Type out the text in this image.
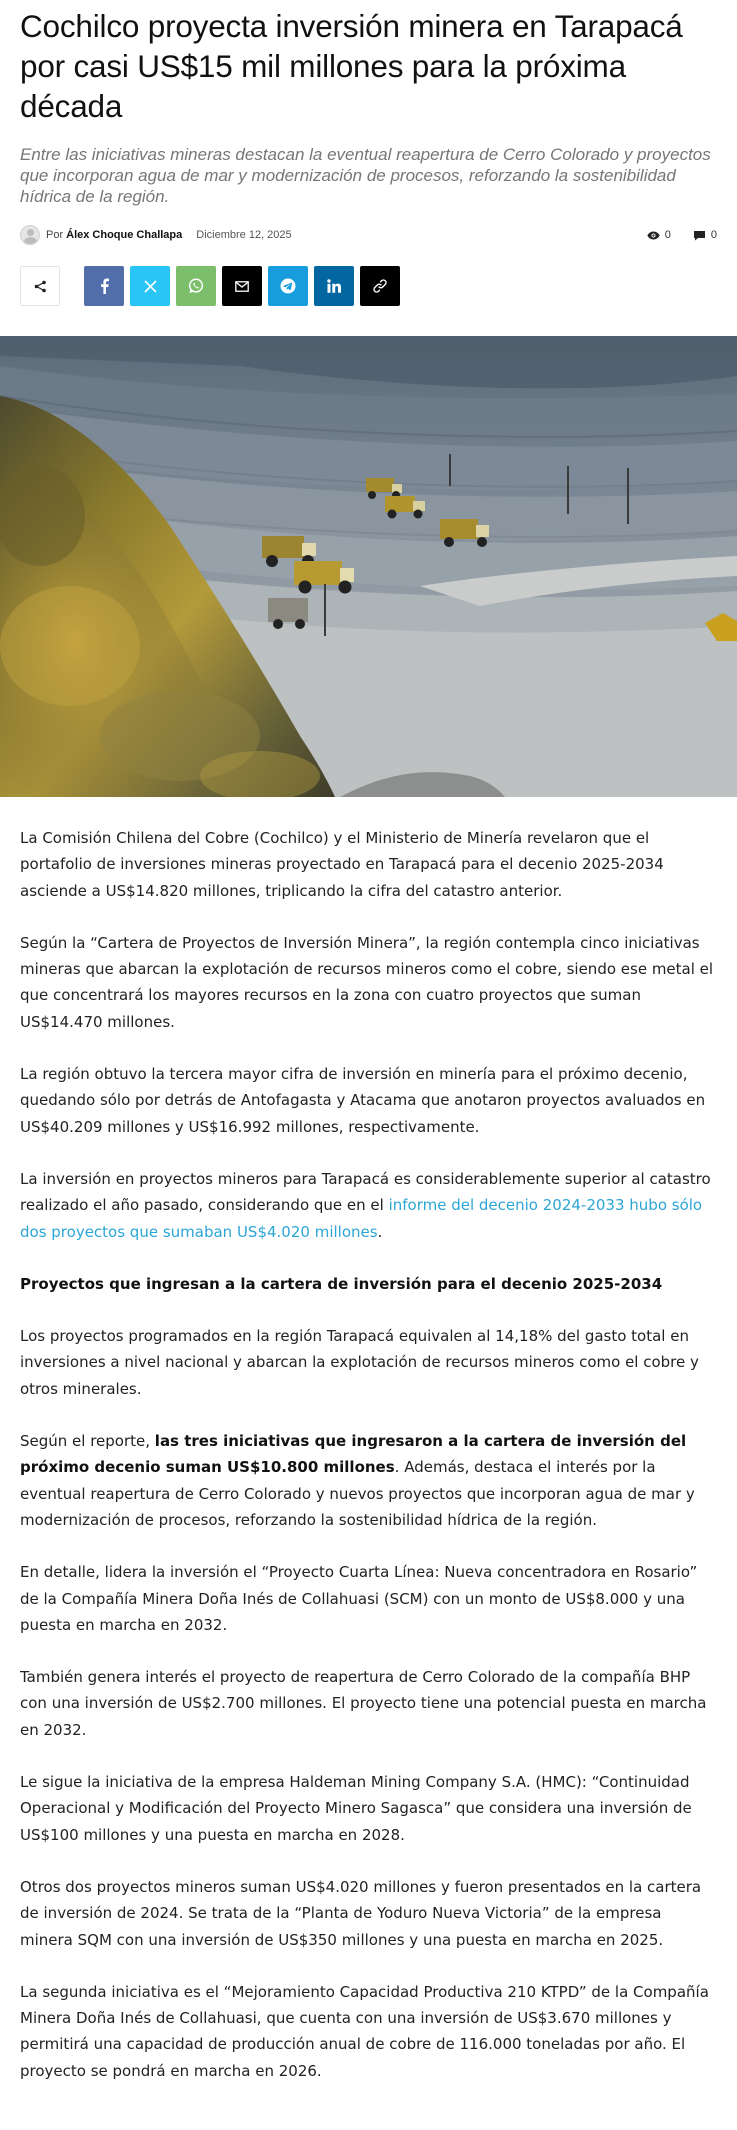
Cochilco proyecta inversión minera en Tarapacá por casi US$15 mil millones para la próxima década

Entre las iniciativas mineras destacan la eventual reapertura de Cerro Colorado y proyectos que incorporan agua de mar y modernización de procesos, reforzando la sostenibilidad hídrica de la región.

Por Álex Choque Challapa Diciembre 12, 2025	0	0

La Comisión Chilena del Cobre (Cochilco) y el Ministerio de Minería revelaron que el portafolio de inversiones mineras proyectado en Tarapacá para el decenio 2025-2034 asciende a US$14.820 millones, triplicando la cifra del catastro anterior.

Según la “Cartera de Proyectos de Inversión Minera”, la región contempla cinco iniciativas mineras que abarcan la explotación de recursos mineros como el cobre, siendo ese metal el que concentrará los mayores recursos en la zona con cuatro proyectos que suman US$14.470 millones.

La región obtuvo la tercera mayor cifra de inversión en minería para el próximo decenio, quedando sólo por detrás de Antofagasta y Atacama que anotaron proyectos avaluados en US$40.209 millones y US$16.992 millones, respectivamente.

La inversión en proyectos mineros para Tarapacá es considerablemente superior al catastro realizado el año pasado, considerando que en el informe del decenio 2024-2033 hubo sólo dos proyectos que sumaban US$4.020 millones.

Proyectos que ingresan a la cartera de inversión para el decenio 2025-2034

Los proyectos programados en la región Tarapacá equivalen al 14,18% del gasto total en inversiones a nivel nacional y abarcan la explotación de recursos mineros como el cobre y otros minerales.

Según el reporte, las tres iniciativas que ingresaron a la cartera de inversión del próximo decenio suman US$10.800 millones. Además, destaca el interés por la eventual reapertura de Cerro Colorado y nuevos proyectos que incorporan agua de mar y modernización de procesos, reforzando la sostenibilidad hídrica de la región.

En detalle, lidera la inversión el “Proyecto Cuarta Línea: Nueva concentradora en Rosario” de la Compañía Minera Doña Inés de Collahuasi (SCM) con un monto de US$8.000 y una puesta en marcha en 2032.

También genera interés el proyecto de reapertura de Cerro Colorado de la compañía BHP con una inversión de US$2.700 millones. El proyecto tiene una potencial puesta en marcha en 2032.

Le sigue la iniciativa de la empresa Haldeman Mining Company S.A. (HMC): “Continuidad Operacional y Modificación del Proyecto Minero Sagasca” que considera una inversión de US$100 millones y una puesta en marcha en 2028.

Otros dos proyectos mineros suman US$4.020 millones y fueron presentados en la cartera de inversión de 2024. Se trata de la “Planta de Yoduro Nueva Victoria” de la empresa minera SQM con una inversión de US$350 millones y una puesta en marcha en 2025.

La segunda iniciativa es el “Mejoramiento Capacidad Productiva 210 KTPD” de la Compañía Minera Doña Inés de Collahuasi, que cuenta con una inversión de US$3.670 millones y permitirá una capacidad de producción anual de cobre de 116.000 toneladas por año. El proyecto se pondrá en marcha en 2026.
